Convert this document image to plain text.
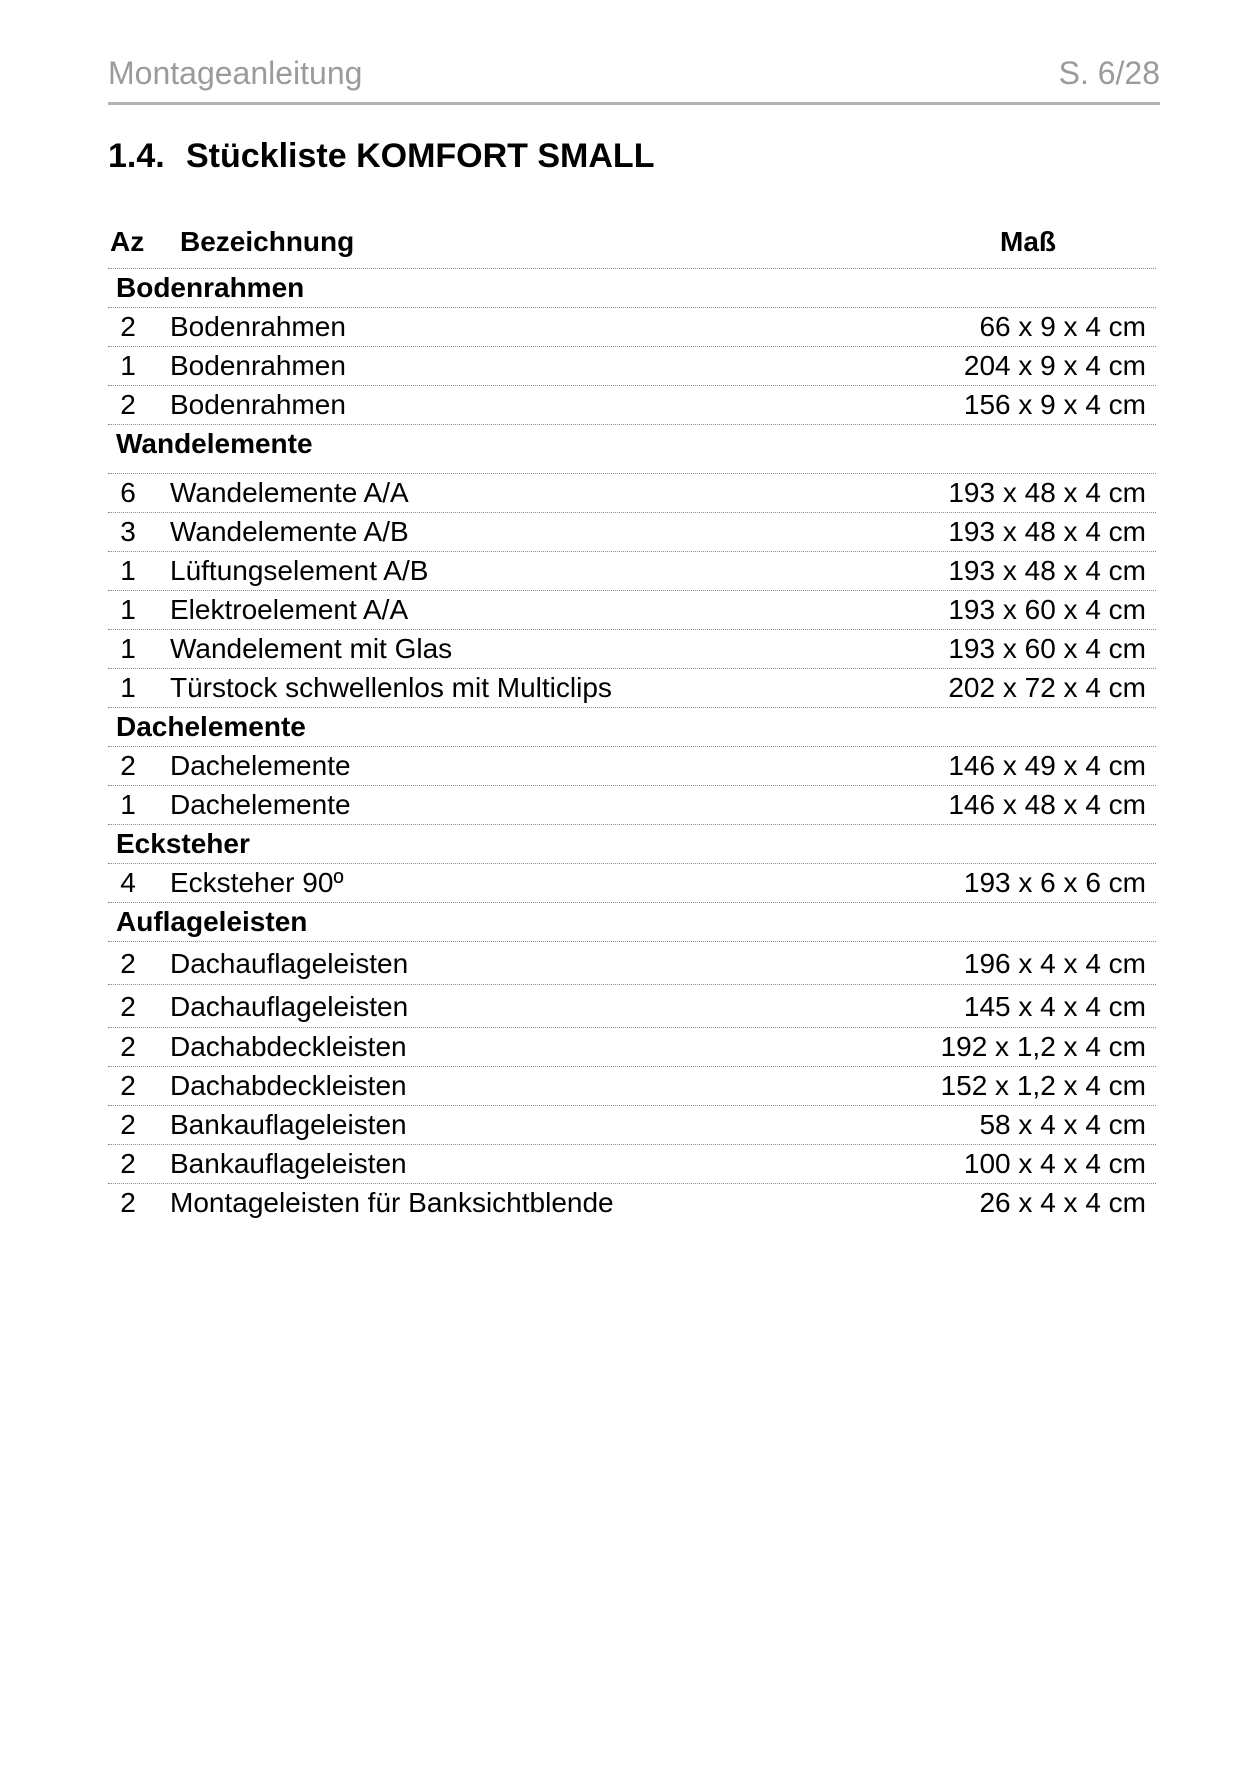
Montageanleitung	S. 6/28
1.4. Stückliste KOMFORT SMALL
Az Bezeichnung	Maß
Bodenrahmen
2 Bodenrahmen	66 x 9 x 4 cm
1 Bodenrahmen	204 x 9 x 4 cm
2 Bodenrahmen	156 x 9 x 4 cm
Wandelemente
6 Wandelemente A/A	193 x 48 x 4 cm
3 Wandelemente A/B	193 x 48 x 4 cm
1 Lüftungselement A/B	193 x 48 x 4 cm
1 Elektroelement A/A	193 x 60 x 4 cm
1 Wandelement mit Glas	193 x 60 x 4 cm
1 Türstock schwellenlos mit Multiclips	202 x 72 x 4 cm
Dachelemente
2 Dachelemente	146 x 49 x 4 cm
1 Dachelemente	146 x 48 x 4 cm
Ecksteher
4 Ecksteher 90º	193 x 6 x 6 cm
Auflageleisten
2 Dachauflageleisten	196 x 4 x 4 cm
2 Dachauflageleisten	145 x 4 x 4 cm
2 Dachabdeckleisten	192 x 1,2 x 4 cm
2 Dachabdeckleisten	152 x 1,2 x 4 cm
2 Bankauflageleisten	58 x 4 x 4 cm
2 Bankauflageleisten	100 x 4 x 4 cm
2 Montageleisten für Banksichtblende	26 x 4 x 4 cm
